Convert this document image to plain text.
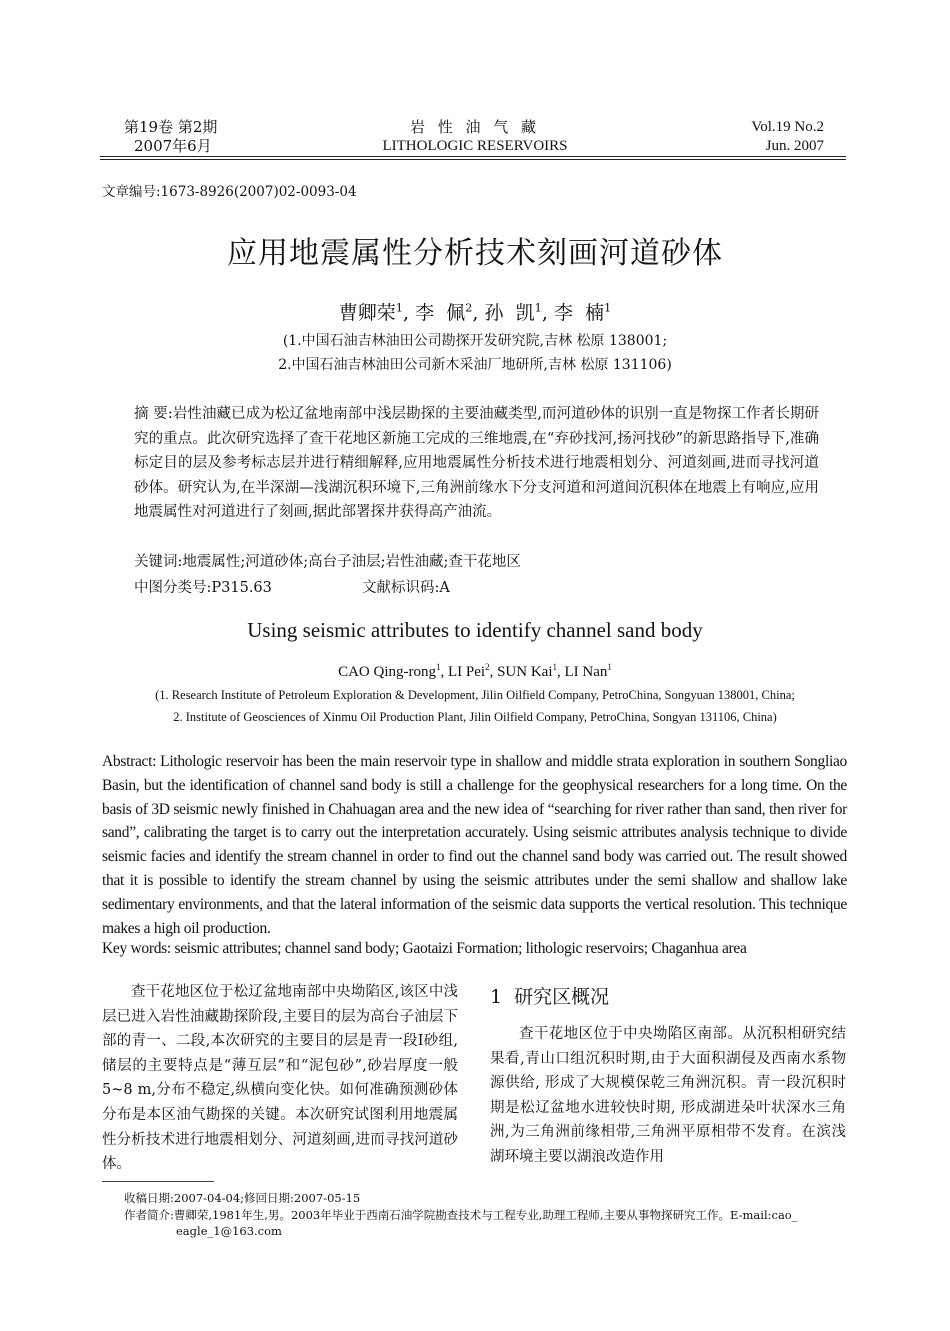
第19卷 第2期
2007年6月
岩 性 油 气 藏
LITHOLOGIC RESERVOIRS
Vol.19 No.2
Jun. 2007
文章编号:1673-8926(2007)02-0093-04
应用地震属性分析技术刻画河道砂体
曹卿荣$^1$, 李  佩$^2$, 孙  凯$^1$, 李  楠$^1$
(1.中国石油吉林油田公司勘探开发研究院,吉林 松原 138001;
2.中国石油吉林油田公司新木采油厂地研所,吉林 松原 131106)
摘 要:岩性油藏已成为松辽盆地南部中浅层勘探的主要油藏类型,而河道砂体的识别一直是物探工作者长期研究的重点。此次研究选择了查干花地区新施工完成的三维地震,在“弃砂找河,扬河找砂”的新思路指导下,准确标定目的层及参考标志层并进行精细解释,应用地震属性分析技术进行地震相划分、河道刻画,进而寻找河道砂体。研究认为,在半深湖—浅湖沉积环境下,三角洲前缘水下分支河道和河道间沉积体在地震上有响应,应用地震属性对河道进行了刻画,据此部署探井获得高产油流。
关键词:地震属性;河道砂体;高台子油层;岩性油藏;查干花地区
中图分类号:P315.63	文献标识码:A
Using seismic attributes to identify channel sand body
CAO Qing-rong$^1$, LI Pei$^2$, SUN Kai$^1$, LI Nan$^1$
(1. Research Institute of Petroleum Exploration & Development, Jilin Oilfield Company, PetroChina, Songyuan 138001, China;
2. Institute of Geosciences of Xinmu Oil Production Plant, Jilin Oilfield Company, PetroChina, Songyan 131106, China)
Abstract: Lithologic reservoir has been the main reservoir type in shallow and middle strata exploration in southern Songliao Basin, but the identification of channel sand body is still a challenge for the geophysical researchers for a long time. On the basis of 3D seismic newly finished in Chahuagan area and the new idea of “searching for river rather than sand, then river for sand”, calibrating the target is to carry out the interpretation accurately. Using seismic attributes analysis technique to divide seismic facies and identify the stream channel in order to find out the channel sand body was carried out. The result showed that it is possible to identify the stream channel by using the seismic attributes under the semi shallow and shallow lake sedimentary environments, and that the lateral information of the seismic data supports the vertical resolution. This technique makes a high oil production.
Key words: seismic attributes; channel sand body; Gaotaizi Formation; lithologic reservoirs; Chaganhua area

查干花地区位于松辽盆地南部中央坳陷区,该区中浅层已进入岩性油藏勘探阶段,主要目的层为高台子油层下部的青一、二段,本次研究的主要目的层是青一段Ⅰ砂组,储层的主要特点是“薄互层”和“泥包砂”,砂岩厚度一般5~8 m,分布不稳定,纵横向变化快。如何准确预测砂体分布是本区油气勘探的关键。本次研究试图利用地震属性分析技术进行地震相划分、河道刻画,进而寻找河道砂体。

1  研究区概况

查干花地区位于中央坳陷区南部。从沉积相研究结果看,青山口组沉积时期,由于大面积湖侵及西南水系物源供给, 形成了大规模保乾三角洲沉积。青一段沉积时期是松辽盆地水进较快时期, 形成湖进朵叶状深水三角洲,为三角洲前缘相带,三角洲平原相带不发育。在滨浅湖环境主要以湖浪改造作用

收稿日期:2007-04-04;修回日期:2007-05-15
作者简介:曹卿荣,1981年生,男。2003年毕业于西南石油学院勘查技术与工程专业,助理工程师,主要从事物探研究工作。E-mail:cao_
eagle_1@163.com
